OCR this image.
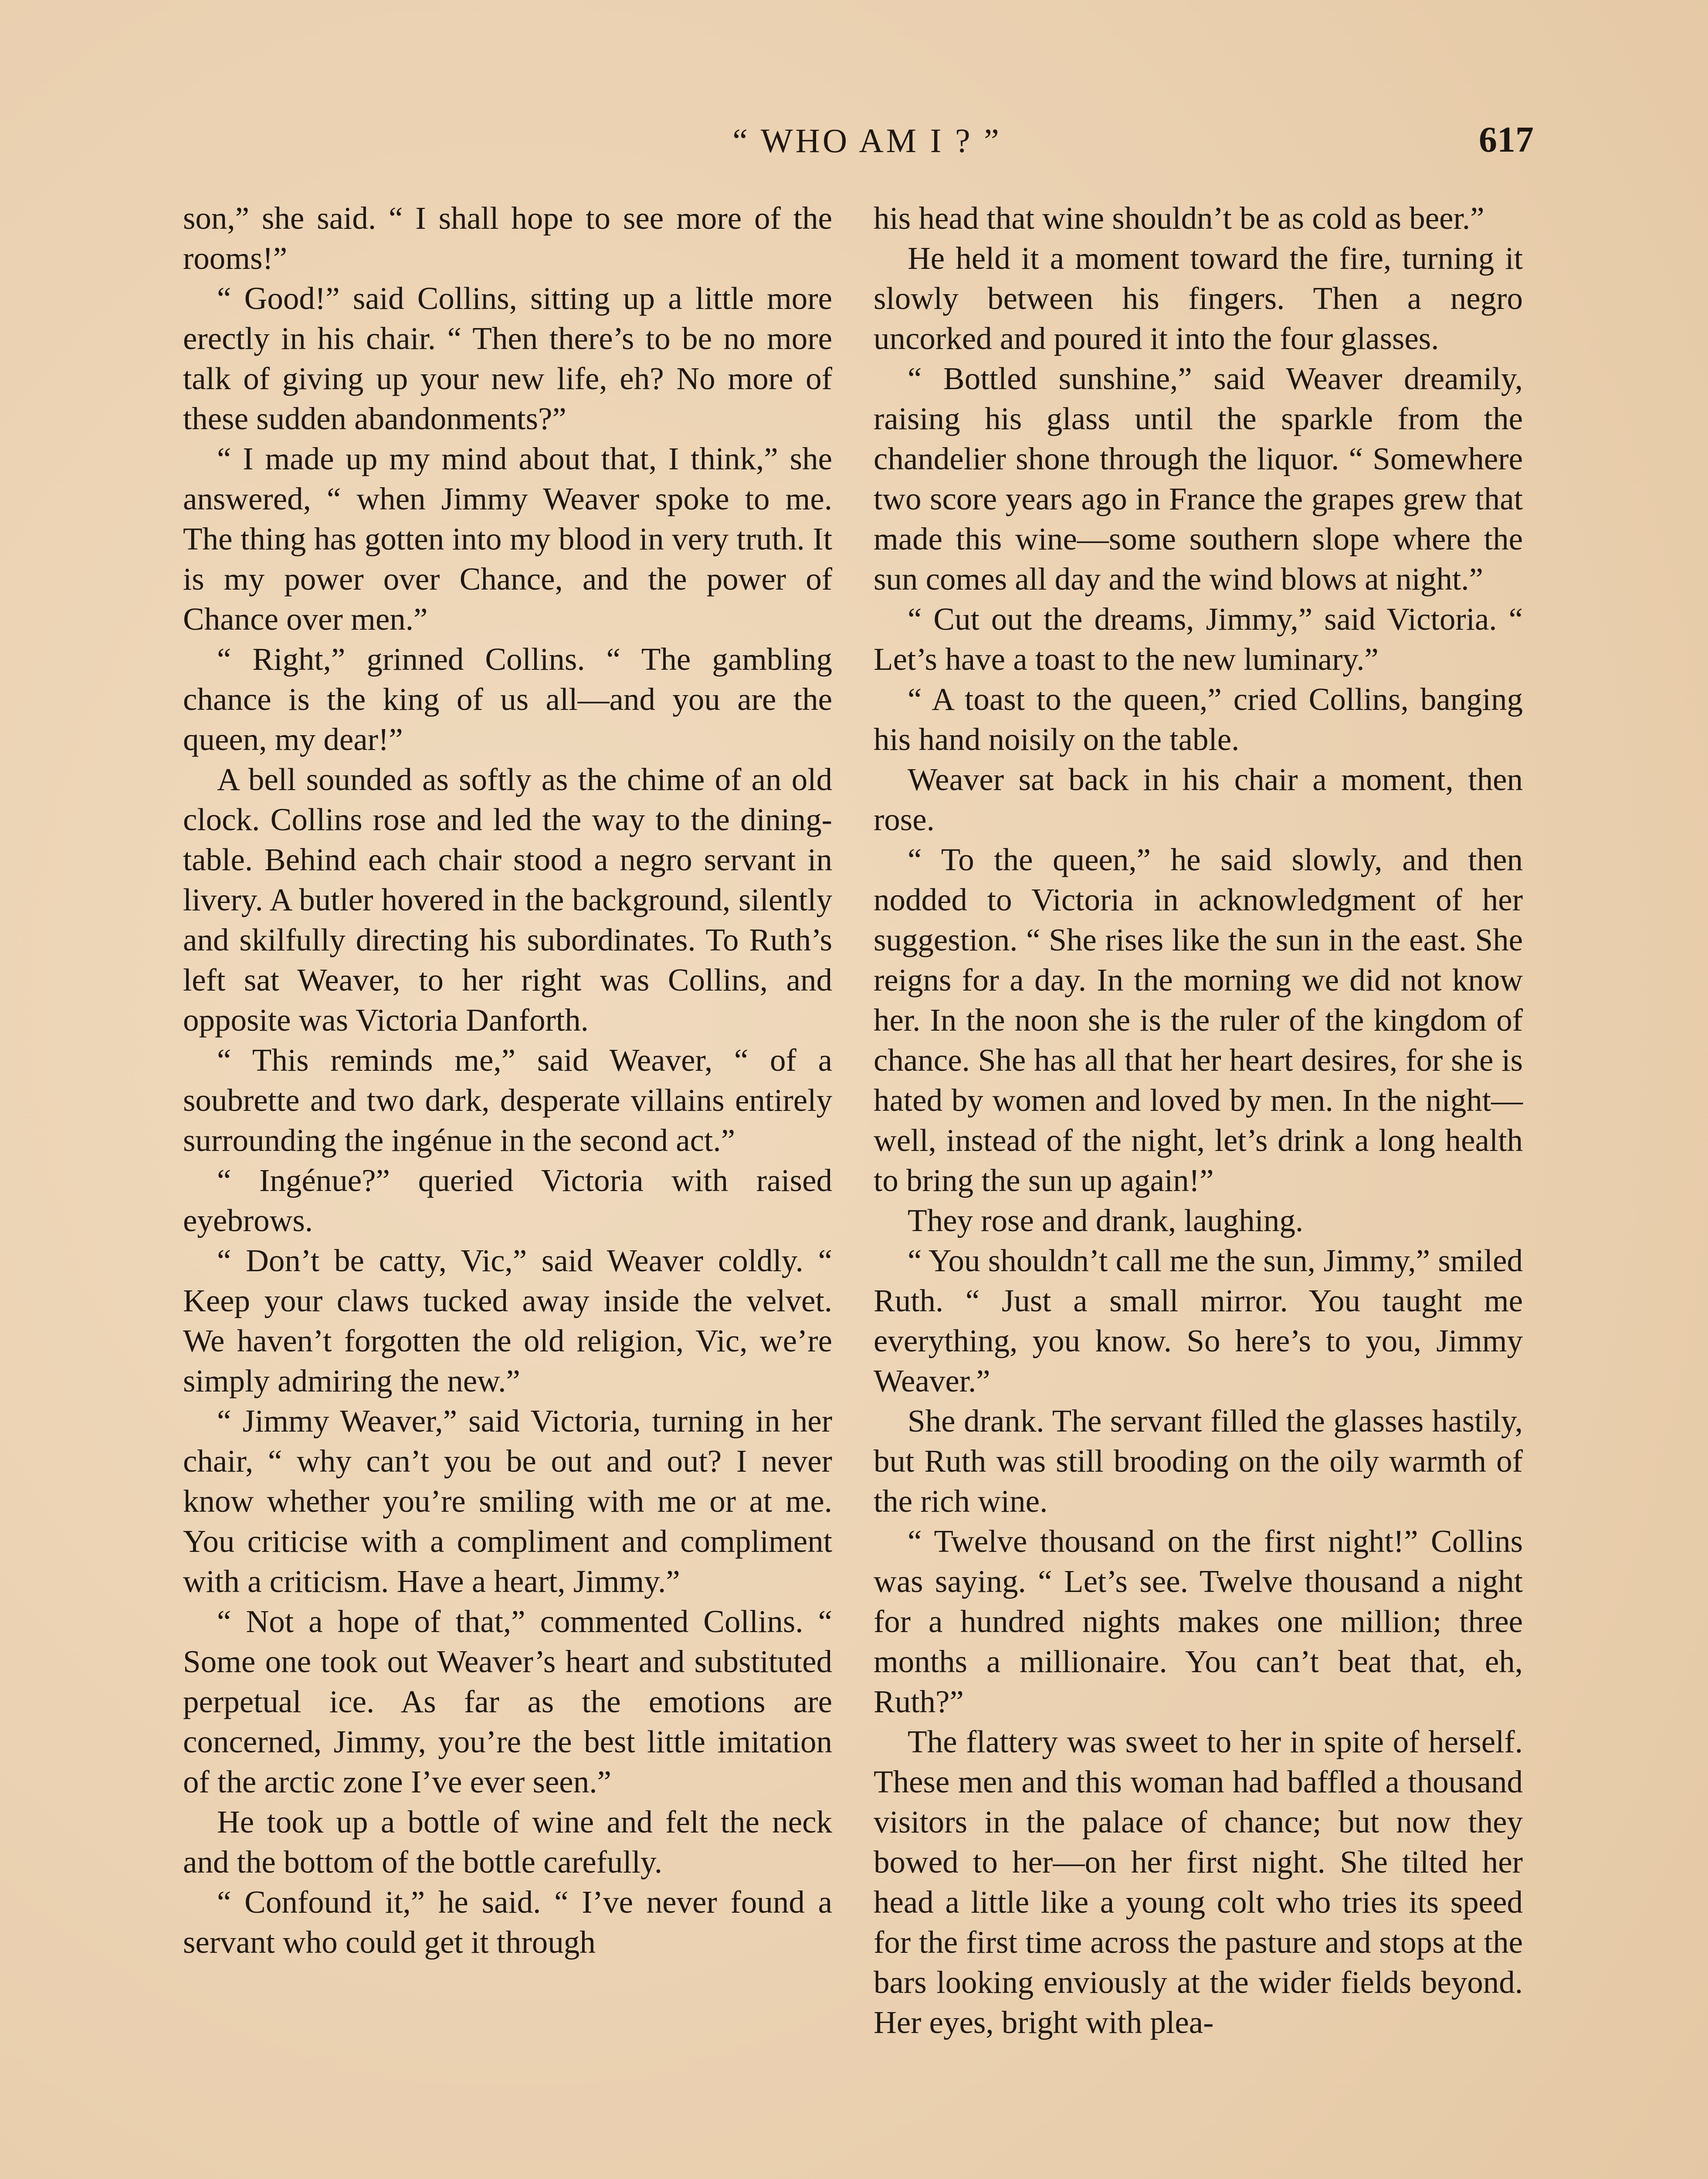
“ WHO AM I ? ”	617

son,” she said. “ I shall hope to see more of the rooms!”

“ Good!” said Collins, sitting up a little more erectly in his chair. “ Then there’s to be no more talk of giving up your new life, eh? No more of these sudden abandonments?”

“ I made up my mind about that, I think,” she answered, “ when Jimmy Weaver spoke to me. The thing has gotten into my blood in very truth. It is my power over Chance, and the power of Chance over men.”

“ Right,” grinned Collins. “ The gambling chance is the king of us all—and you are the queen, my dear!”

A bell sounded as softly as the chime of an old clock. Collins rose and led the way to the dining-table. Behind each chair stood a negro servant in livery. A butler hovered in the background, silently and skilfully directing his subordinates. To Ruth’s left sat Weaver, to her right was Collins, and opposite was Victoria Danforth.

“ This reminds me,” said Weaver, “ of a soubrette and two dark, desperate villains entirely surrounding the ingénue in the second act.”

“ Ingénue?” queried Victoria with raised eyebrows.

“ Don’t be catty, Vic,” said Weaver coldly. “ Keep your claws tucked away inside the velvet. We haven’t forgotten the old religion, Vic, we’re simply admiring the new.”

“ Jimmy Weaver,” said Victoria, turning in her chair, “ why can’t you be out and out? I never know whether you’re smiling with me or at me. You criticise with a compliment and compliment with a criticism. Have a heart, Jimmy.”

“ Not a hope of that,” commented Collins. “ Some one took out Weaver’s heart and substituted perpetual ice. As far as the emotions are concerned, Jimmy, you’re the best little imitation of the arctic zone I’ve ever seen.”

He took up a bottle of wine and felt the neck and the bottom of the bottle carefully.

“ Confound it,” he said. “ I’ve never found a servant who could get it through

his head that wine shouldn’t be as cold as beer.”

He held it a moment toward the fire, turning it slowly between his fingers. Then a negro uncorked and poured it into the four glasses.

“ Bottled sunshine,” said Weaver dreamily, raising his glass until the sparkle from the chandelier shone through the liquor. “ Somewhere two score years ago in France the grapes grew that made this wine—some southern slope where the sun comes all day and the wind blows at night.”

“ Cut out the dreams, Jimmy,” said Victoria. “ Let’s have a toast to the new luminary.”

“ A toast to the queen,” cried Collins, banging his hand noisily on the table.

Weaver sat back in his chair a moment, then rose.

“ To the queen,” he said slowly, and then nodded to Victoria in acknowledgment of her suggestion. “ She rises like the sun in the east. She reigns for a day. In the morning we did not know her. In the noon she is the ruler of the kingdom of chance. She has all that her heart desires, for she is hated by women and loved by men. In the night—well, instead of the night, let’s drink a long health to bring the sun up again!”

They rose and drank, laughing.

“ You shouldn’t call me the sun, Jimmy,” smiled Ruth. “ Just a small mirror. You taught me everything, you know. So here’s to you, Jimmy Weaver.”

She drank. The servant filled the glasses hastily, but Ruth was still brooding on the oily warmth of the rich wine.

“ Twelve thousand on the first night!” Collins was saying. “ Let’s see. Twelve thousand a night for a hundred nights makes one million; three months a millionaire. You can’t beat that, eh, Ruth?”

The flattery was sweet to her in spite of herself. These men and this woman had baffled a thousand visitors in the palace of chance; but now they bowed to her—on her first night. She tilted her head a little like a young colt who tries its speed for the first time across the pasture and stops at the bars looking enviously at the wider fields beyond. Her eyes, bright with plea-
